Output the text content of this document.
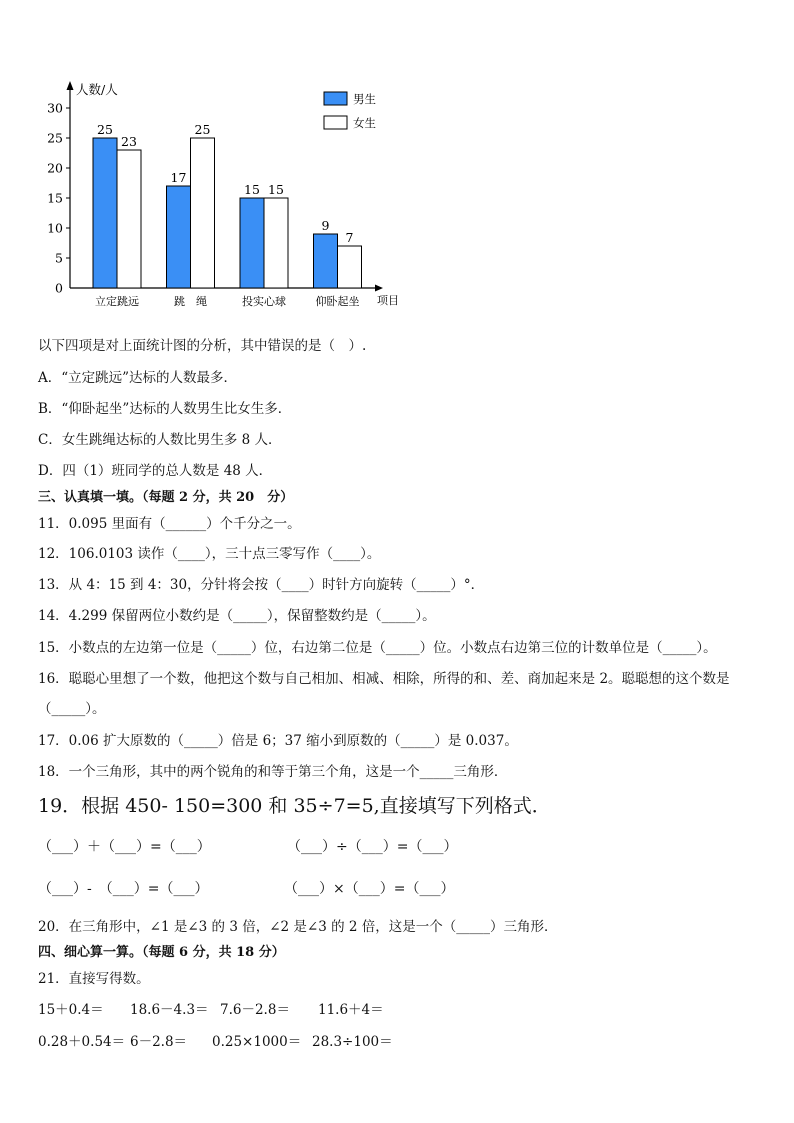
0
5
10
15
20
25
30
人数/人
项目
25
23
立定跳远
17
25
跳　绳
15 15
投实心球
9
7
仰卧起坐
男生
女生
以下四项是对上面统计图的分析，其中错误的是（　）.
A．“立定跳远”达标的人数最多．
B．“仰卧起坐”达标的人数男生比女生多．
C．女生跳绳达标的人数比男生多 8 人．
D．四（1）班同学的总人数是 48 人．
三、认真填一填。（每题 2 分，共 20　分）
11．0.095 里面有（______）个千分之一。
12．106.0103 读作（____），三十点三零写作（____）。
13．从 4：15 到 4：30，分针将会按（____）时针方向旋转（_____）°．
14．4.299 保留两位小数约是（_____），保留整数约是（_____）。
15．小数点的左边第一位是（_____）位，右边第二位是（_____）位。小数点右边第三位的计数单位是（_____）。
16．聪聪心里想了一个数，他把这个数与自己相加、相减、相除，所得的和、差、商加起来是 2。聪聪想的这个数是
（_____）。
17．0.06 扩大原数的（_____）倍是 6；37 缩小到原数的（_____）是 0.037。
18．一个三角形，其中的两个锐角的和等于第三个角，这是一个_____三角形．
19．根据 450- 150=300 和 35÷7=5,直接填写下列格式．
（___）＋（___）=（___）	（___）÷（___）=（___）
（___）-　（___）=（___）	（___）×（___）=（___）
20．在三角形中，∠1 是∠3 的 3 倍，∠2 是∠3 的 2 倍，这是一个（_____）三角形．
四、细心算一算。（每题 6 分，共 18 分）
21．直接写得数。
15＋0.4＝ 18.6－4.3＝ 7.6－2.8＝ 11.6＋4＝
0.28＋0.54＝ 6－2.8＝ 0.25×1000＝ 28.3÷100＝
